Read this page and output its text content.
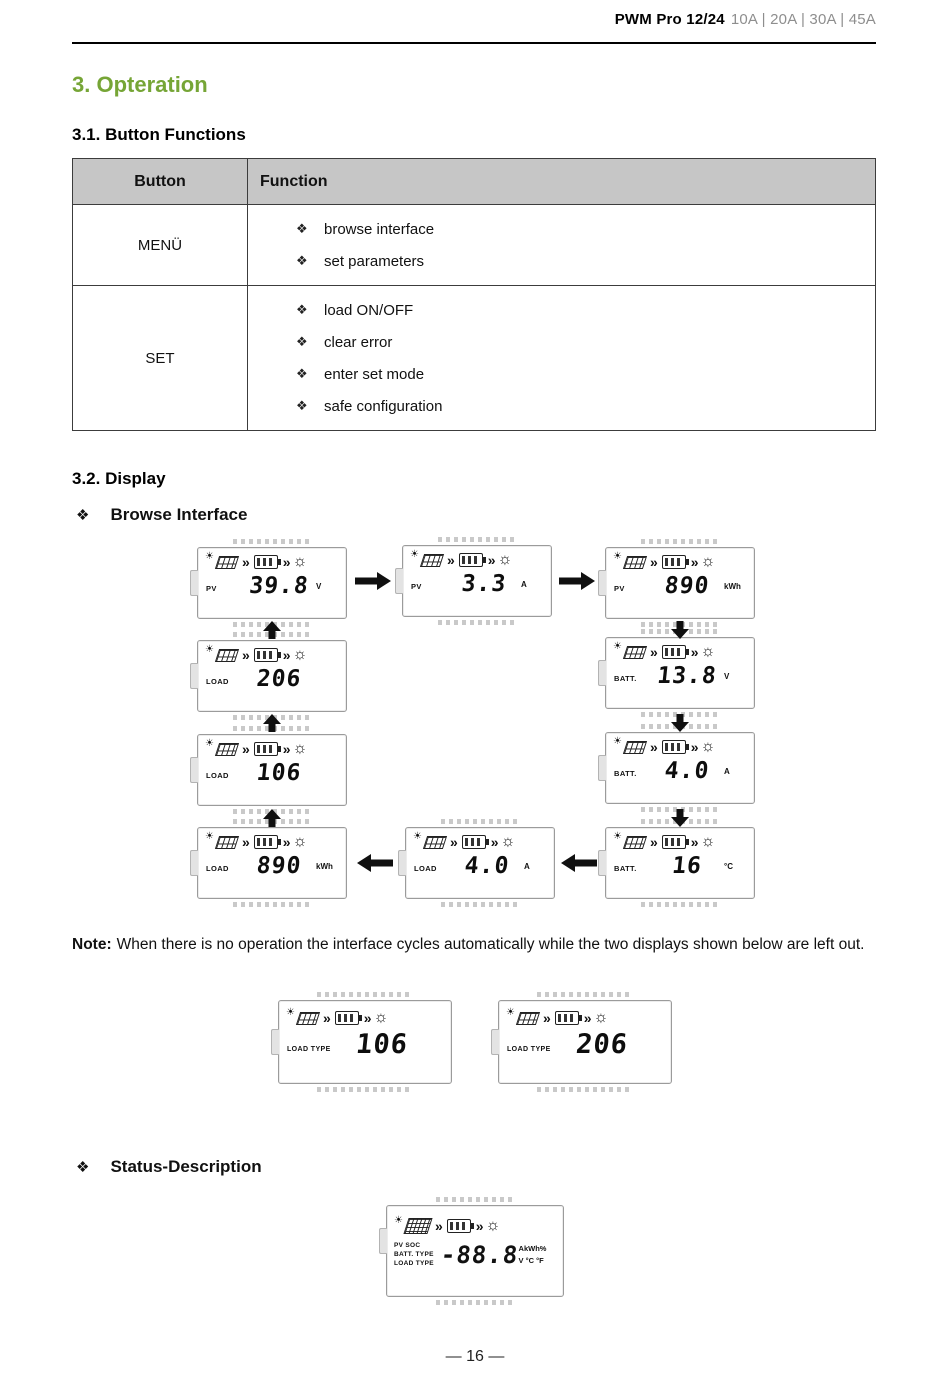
PWM Pro 12/24 10A | 20A | 30A | 45A
3. Opteration
3.1. Button Functions
Button	Function
MENÜ	
❖ browse interface
❖ set parameters

SET	
❖ load ON/OFF
❖ clear error
❖ enter set mode
❖ safe configuration
3.2. Display
❖ Browse Interface
☀ » » ☼
PV	39.8 V
☀ » » ☼
PV	3.3	A
☀ » » ☼
PV	890	kWh
☀ » » ☼
BATT. 13.8 V
☀ » » ☼
BATT.	4.0	A
☀ » » ☼
BATT.	16	°C
☀ » » ☼
LOAD	4.0	A
☀ » » ☼
LOAD	890	kWh
☀ » » ☼
LOAD	106
☀ » » ☼
LOAD	206

Note: When there is no operation the interface cycles automatically while the two displays shown below are left out.

☀ » » ☼
LOAD TYPE 106
☀ » » ☼
LOAD TYPE 206
❖ Status-Description
☀ » » ☼
PV SOC
BATT. TYPE
LOAD TYPE -88.8
AkWh%
V °C °F
— 16 —
